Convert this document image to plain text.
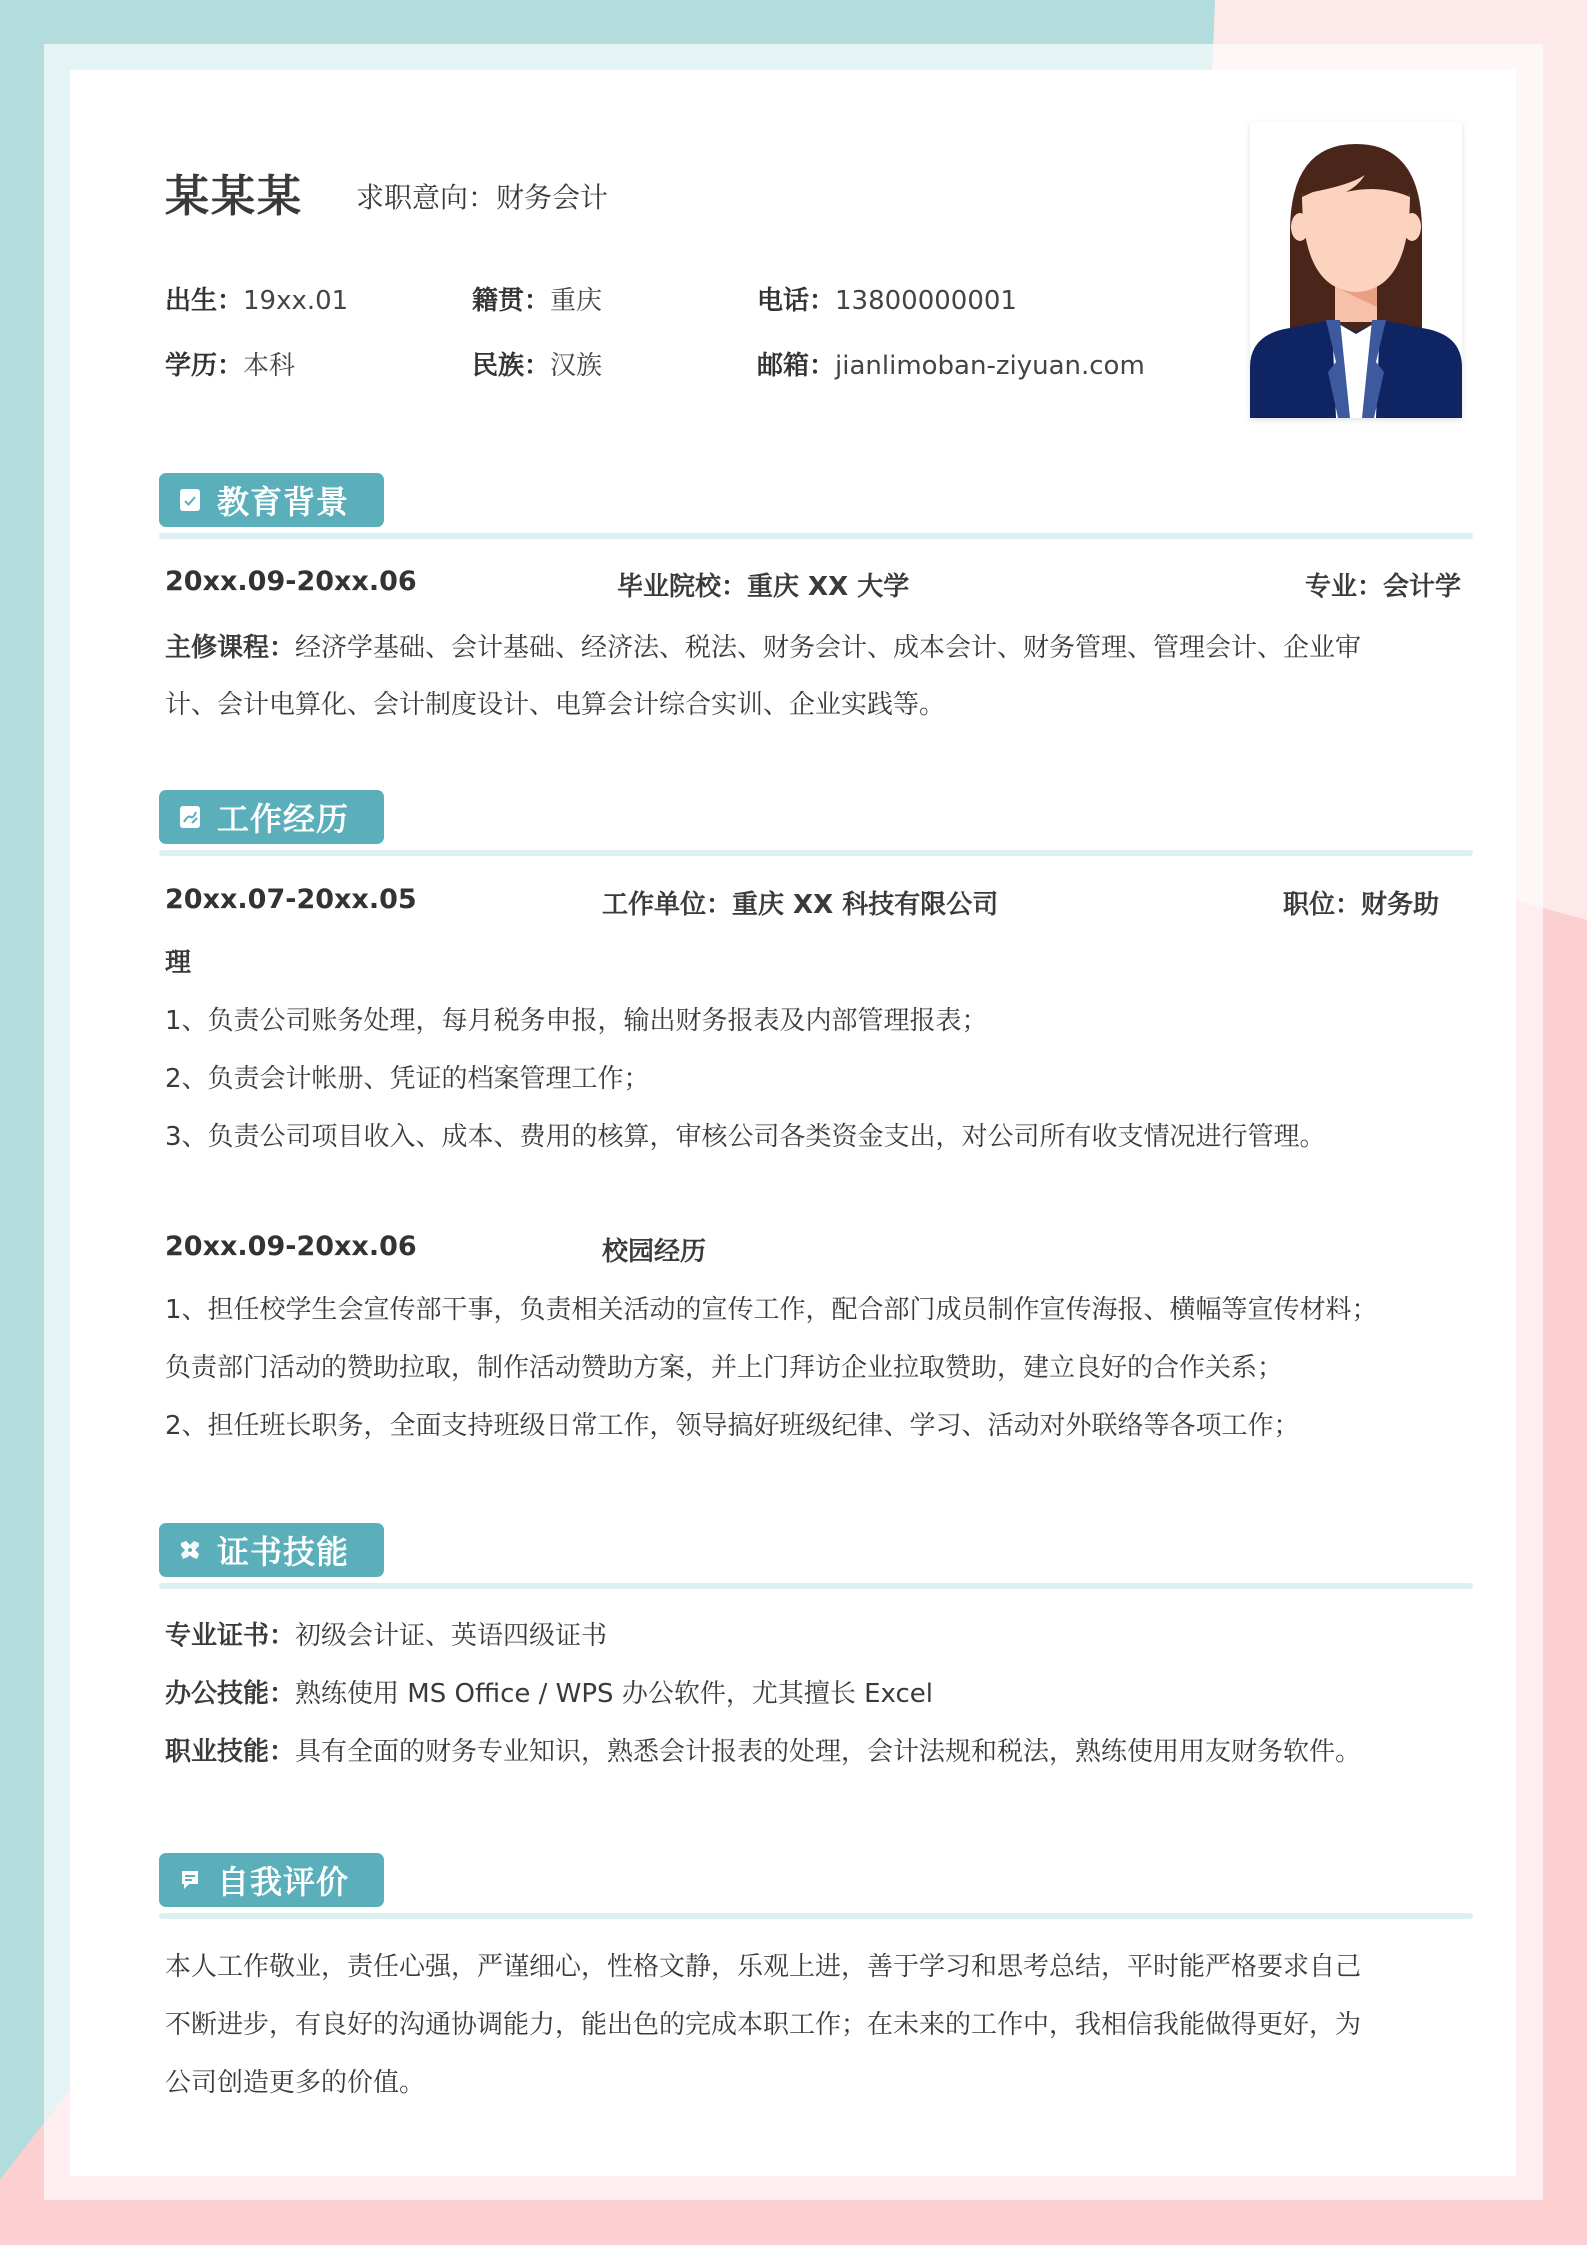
某某某 求职意向：财务会计
出生：19xx.01	籍贯：重庆	电话：13800000001
学历：本科	民族：汉族	邮箱：jianlimoban-ziyuan.com
教育背景
20xx.09-20xx.06	毕业院校：重庆 XX 大学	专业：会计学
主修课程：经济学基础、会计基础、经济法、税法、财务会计、成本会计、财务管理、管理会计、企业审
计、会计电算化、会计制度设计、电算会计综合实训、企业实践等。
工作经历
20xx.07-20xx.05	工作单位：重庆 XX 科技有限公司	职位：财务助
理
1、负责公司账务处理，每月税务申报，输出财务报表及内部管理报表；
2、负责会计帐册、凭证的档案管理工作；
3、负责公司项目收入、成本、费用的核算，审核公司各类资金支出，对公司所有收支情况进行管理。
20xx.09-20xx.06	校园经历
1、担任校学生会宣传部干事，负责相关活动的宣传工作，配合部门成员制作宣传海报、横幅等宣传材料；
负责部门活动的赞助拉取，制作活动赞助方案，并上门拜访企业拉取赞助，建立良好的合作关系；
2、担任班长职务，全面支持班级日常工作，领导搞好班级纪律、学习、活动对外联络等各项工作；

证书技能
专业证书：初级会计证、英语四级证书
办公技能：熟练使用 MS Office / WPS 办公软件，尤其擅长 Excel
职业技能：具有全面的财务专业知识，熟悉会计报表的处理，会计法规和税法，熟练使用用友财务软件。
自我评价
本人工作敬业，责任心强，严谨细心，性格文静，乐观上进，善于学习和思考总结，平时能严格要求自己
不断进步，有良好的沟通协调能力，能出色的完成本职工作；在未来的工作中，我相信我能做得更好，为
公司创造更多的价值。
